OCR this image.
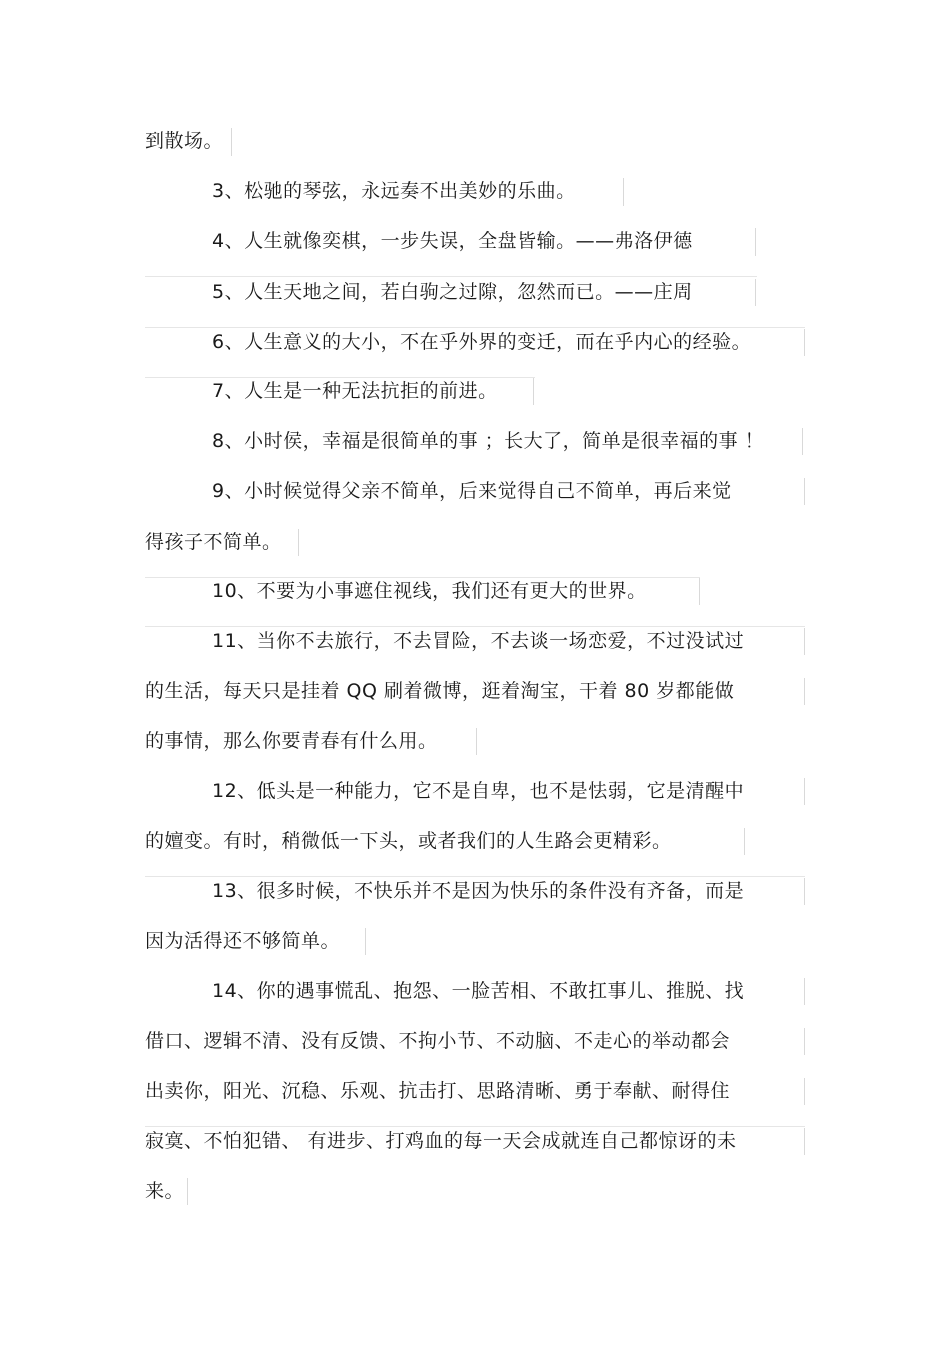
到散场。
3、松驰的琴弦，永远奏不出美妙的乐曲。
4、人生就像奕棋，一步失误，全盘皆输。——弗洛伊德
5、人生天地之间，若白驹之过隙，忽然而已。——庄周
6、人生意义的大小，不在乎外界的变迁，而在乎内心的经验。
7、人生是一种无法抗拒的前进。
8、小时侯，幸福是很简单的事 ；长大了，简单是很幸福的事 ！
9、小时候觉得父亲不简单，后来觉得自己不简单，再后来觉
得孩子不简单。
10、不要为小事遮住视线，我们还有更大的世界。
11、当你不去旅行，不去冒险，不去谈一场恋爱，不过没试过
的生活，每天只是挂着 QQ 刷着微博，逛着淘宝，干着 80 岁都能做
的事情，那么你要青春有什么用。
12、低头是一种能力，它不是自卑，也不是怯弱，它是清醒中
的嬗变。有时，稍微低一下头，或者我们的人生路会更精彩。
13、很多时候，不快乐并不是因为快乐的条件没有齐备，而是
因为活得还不够简单。
14、你的遇事慌乱、抱怨、一脸苦相、不敢扛事儿、推脱、找
借口、逻辑不清、没有反馈、不拘小节、不动脑、不走心的举动都会
出卖你，阳光、沉稳、乐观、抗击打、思路清晰、勇于奉献、耐得住
寂寞、不怕犯错、 有进步、打鸡血的每一天会成就连自己都惊讶的未
来。
